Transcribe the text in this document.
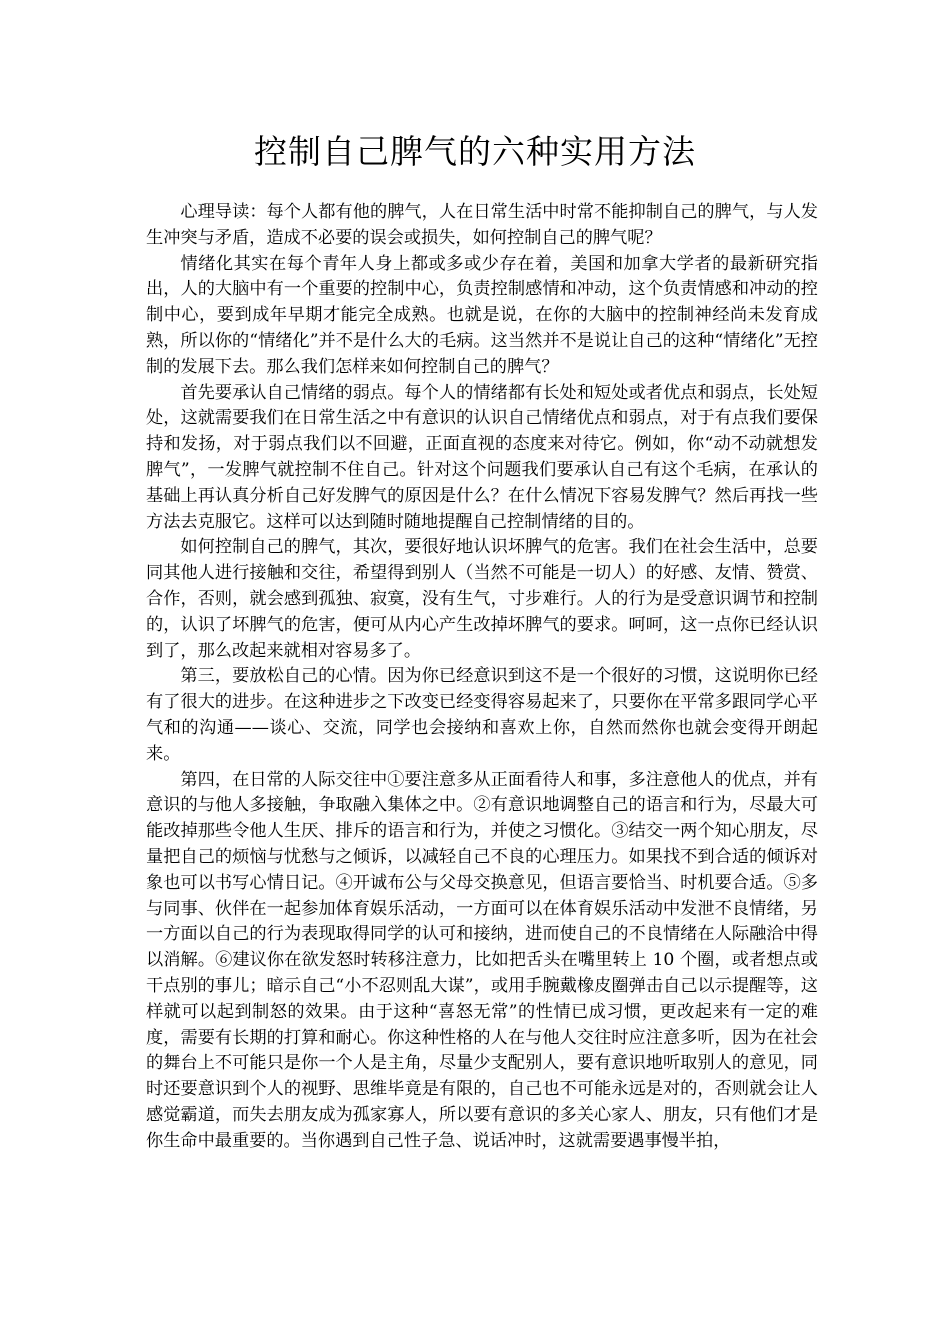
控制自己脾气的六种实用方法

心理导读：每个人都有他的脾气，人在日常生活中时常不能抑制自己的脾气，与人发生冲突与矛盾，造成不必要的误会或损失，如何控制自己的脾气呢？

情绪化其实在每个青年人身上都或多或少存在着，美国和加拿大学者的最新研究指出，人的大脑中有一个重要的控制中心，负责控制感情和冲动，这个负责情感和冲动的控制中心，要到成年早期才能完全成熟。也就是说，在你的大脑中的控制神经尚未发育成熟，所以你的“情绪化”并不是什么大的毛病。这当然并不是说让自己的这种“情绪化”无控制的发展下去。那么我们怎样来如何控制自己的脾气？

首先要承认自己情绪的弱点。每个人的情绪都有长处和短处或者优点和弱点，长处短处，这就需要我们在日常生活之中有意识的认识自己情绪优点和弱点，对于有点我们要保持和发扬，对于弱点我们以不回避，正面直视的态度来对待它。例如，你“动不动就想发脾气”，一发脾气就控制不住自己。针对这个问题我们要承认自己有这个毛病，在承认的基础上再认真分析自己好发脾气的原因是什么？在什么情况下容易发脾气？然后再找一些方法去克服它。这样可以达到随时随地提醒自己控制情绪的目的。

如何控制自己的脾气，其次，要很好地认识坏脾气的危害。我们在社会生活中，总要同其他人进行接触和交往，希望得到别人（当然不可能是一切人）的好感、友情、赞赏、合作，否则，就会感到孤独、寂寞，没有生气，寸步难行。人的行为是受意识调节和控制的，认识了坏脾气的危害，便可从内心产生改掉坏脾气的要求。呵呵，这一点你已经认识到了，那么改起来就相对容易多了。

第三，要放松自己的心情。因为你已经意识到这不是一个很好的习惯，这说明你已经有了很大的进步。在这种进步之下改变已经变得容易起来了，只要你在平常多跟同学心平气和的沟通——谈心、交流，同学也会接纳和喜欢上你，自然而然你也就会变得开朗起来。

第四，在日常的人际交往中①要注意多从正面看待人和事，多注意他人的优点，并有意识的与他人多接触，争取融入集体之中。②有意识地调整自己的语言和行为，尽最大可能改掉那些令他人生厌、排斥的语言和行为，并使之习惯化。③结交一两个知心朋友，尽量把自己的烦恼与忧愁与之倾诉，以减轻自己不良的心理压力。如果找不到合适的倾诉对象也可以书写心情日记。④开诚布公与父母交换意见，但语言要恰当、时机要合适。⑤多与同事、伙伴在一起参加体育娱乐活动，一方面可以在体育娱乐活动中发泄不良情绪，另一方面以自己的行为表现取得同学的认可和接纳，进而使自己的不良情绪在人际融洽中得以消解。⑥建议你在欲发怒时转移注意力，比如把舌头在嘴里转上 10 个圈，或者想点或干点别的事儿；暗示自己“小不忍则乱大谋”，或用手腕戴橡皮圈弹击自己以示提醒等，这样就可以起到制怒的效果。由于这种“喜怒无常”的性情已成习惯，更改起来有一定的难度，需要有长期的打算和耐心。你这种性格的人在与他人交往时应注意多听，因为在社会的舞台上不可能只是你一个人是主角，尽量少支配别人，要有意识地听取别人的意见，同时还要意识到个人的视野、思维毕竟是有限的，自己也不可能永远是对的，否则就会让人感觉霸道，而失去朋友成为孤家寡人，所以要有意识的多关心家人、朋友，只有他们才是你生命中最重要的。当你遇到自己性子急、说话冲时，这就需要遇事慢半拍，
